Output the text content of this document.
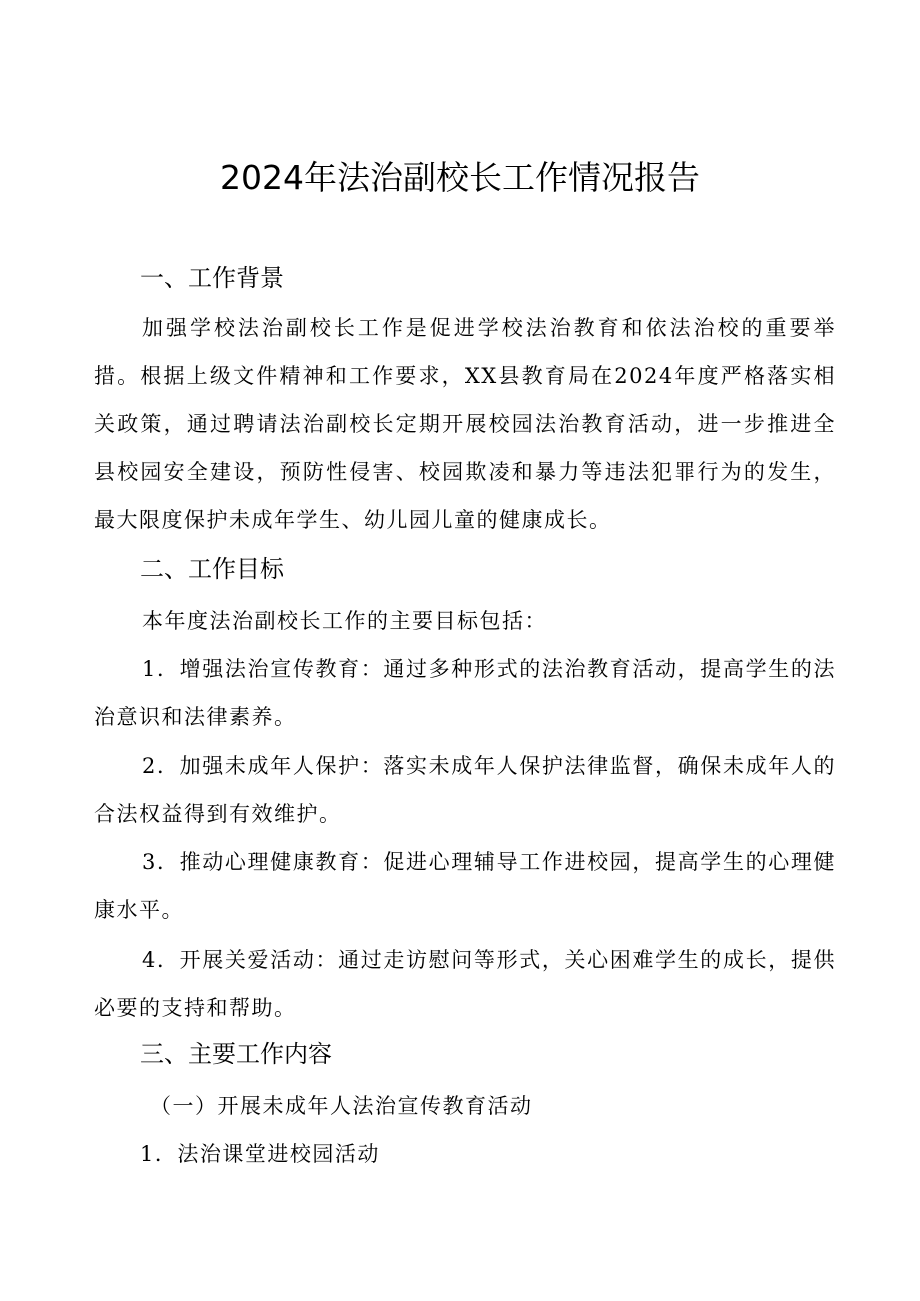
2024年法治副校长工作情况报告
一、工作背景

加强学校法治副校长工作是促进学校法治教育和依法治校的重要举措。根据上级文件精神和工作要求，XX县教育局在2024年度严格落实相关政策，通过聘请法治副校长定期开展校园法治教育活动，进一步推进全县校园安全建设，预防性侵害、校园欺凌和暴力等违法犯罪行为的发生，最大限度保护未成年学生、幼儿园儿童的健康成长。

二、工作目标

本年度法治副校长工作的主要目标包括：

1．增强法治宣传教育：通过多种形式的法治教育活动，提高学生的法治意识和法律素养。

2．加强未成年人保护：落实未成年人保护法律监督，确保未成年人的合法权益得到有效维护。

3．推动心理健康教育：促进心理辅导工作进校园，提高学生的心理健康水平。

4．开展关爱活动：通过走访慰问等形式，关心困难学生的成长，提供必要的支持和帮助。

三、主要工作内容
（一）开展未成年人法治宣传教育活动
1．法治课堂进校园活动
